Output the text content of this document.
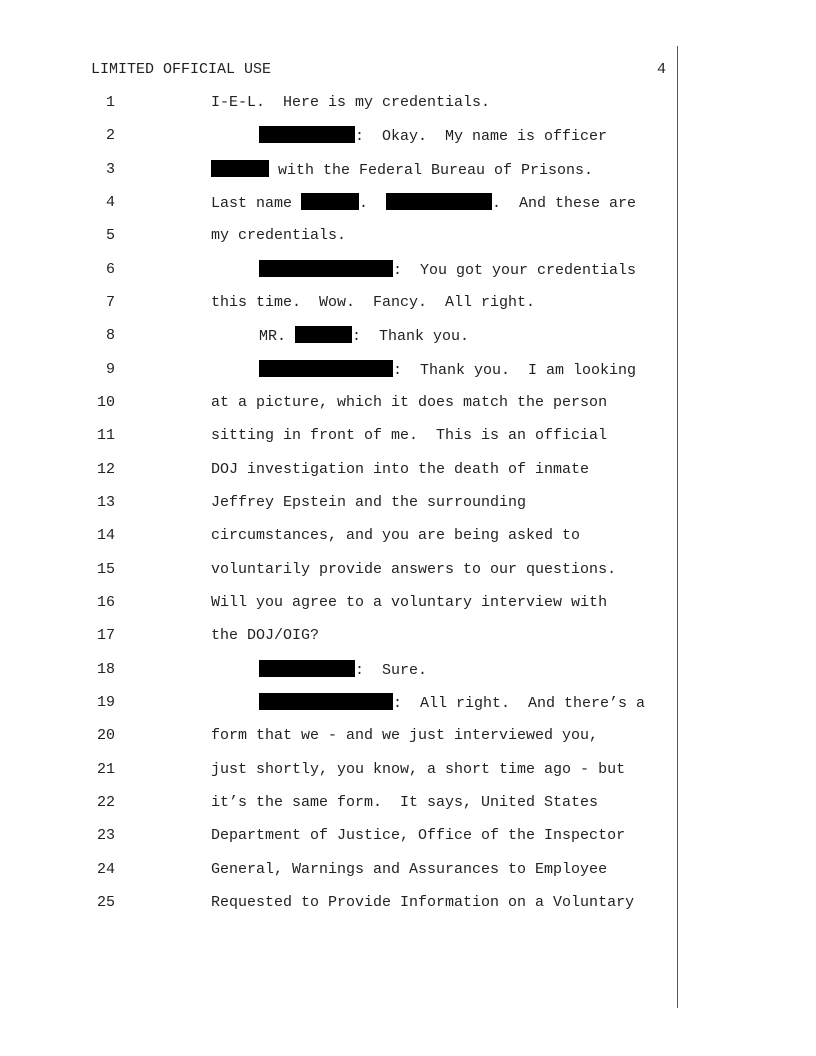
LIMITED OFFICIAL USE	4
1	I-E-L.  Here is my credentials.
2	:  Okay.  My name is officer
3	with the Federal Bureau of Prisons.
4	Last name	.	.  And these are
5	my credentials.
6	:  You got your credentials
7	this time.  Wow.  Fancy.  All right.
8	MR.	:  Thank you.
9	:  Thank you.  I am looking
10	at a picture, which it does match the person
11	sitting in front of me.  This is an official
12	DOJ investigation into the death of inmate
13	Jeffrey Epstein and the surrounding
14	circumstances, and you are being asked to
15	voluntarily provide answers to our questions.
16	Will you agree to a voluntary interview with
17	the DOJ/OIG?
18	:  Sure.
19	:  All right.  And there’s a
20	form that we - and we just interviewed you,
21	just shortly, you know, a short time ago - but
22	it’s the same form.  It says, United States
23	Department of Justice, Office of the Inspector
24	General, Warnings and Assurances to Employee
25	Requested to Provide Information on a Voluntary
